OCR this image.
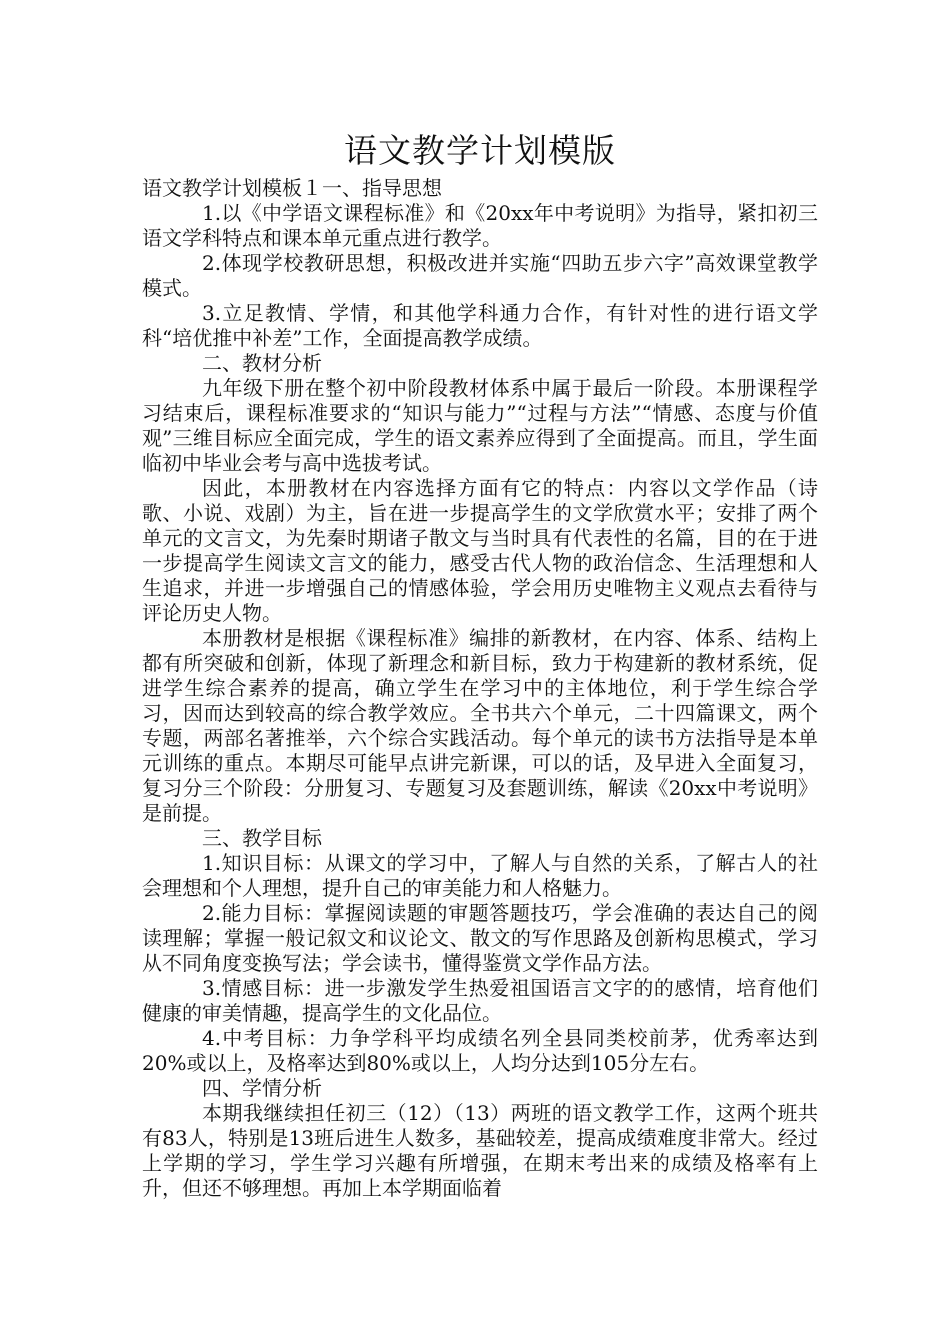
语文教学计划模版

语文教学计划模板１一、指导思想

1.以《中学语文课程标准》和《20xx年中考说明》为指导，紧扣初三语文学科特点和课本单元重点进行教学。

2.体现学校教研思想，积极改进并实施“四助五步六字”高效课堂教学模式。

3.立足教情、学情，和其他学科通力合作，有针对性的进行语文学科“培优推中补差”工作，全面提高教学成绩。

二、教材分析

九年级下册在整个初中阶段教材体系中属于最后一阶段。本册课程学习结束后，课程标准要求的“知识与能力”“过程与方法”“情感、态度与价值观”三维目标应全面完成，学生的语文素养应得到了全面提高。而且，学生面临初中毕业会考与高中选拔考试。

因此，本册教材在内容选择方面有它的特点：内容以文学作品（诗歌、小说、戏剧）为主，旨在进一步提高学生的文学欣赏水平；安排了两个单元的文言文，为先秦时期诸子散文与当时具有代表性的名篇，目的在于进一步提高学生阅读文言文的能力，感受古代人物的政治信念、生活理想和人生追求，并进一步增强自己的情感体验，学会用历史唯物主义观点去看待与评论历史人物。

本册教材是根据《课程标准》编排的新教材，在内容、体系、结构上都有所突破和创新，体现了新理念和新目标，致力于构建新的教材系统，促进学生综合素养的提高，确立学生在学习中的主体地位，利于学生综合学习，因而达到较高的综合教学效应。全书共六个单元，二十四篇课文，两个专题，两部名著推举，六个综合实践活动。每个单元的读书方法指导是本单元训练的重点。本期尽可能早点讲完新课，可以的话，及早进入全面复习，复习分三个阶段：分册复习、专题复习及套题训练，解读《20xx中考说明》是前提。

三、教学目标

1.知识目标：从课文的学习中，了解人与自然的关系，了解古人的社会理想和个人理想，提升自己的审美能力和人格魅力。

2.能力目标：掌握阅读题的审题答题技巧，学会准确的表达自己的阅读理解；掌握一般记叙文和议论文、散文的写作思路及创新构思模式，学习从不同角度变换写法；学会读书，懂得鉴赏文学作品方法。

3.情感目标：进一步激发学生热爱祖国语言文字的的感情，培育他们健康的审美情趣，提高学生的文化品位。

4.中考目标：力争学科平均成绩名列全县同类校前茅，优秀率达到20%或以上，及格率达到80%或以上，人均分达到105分左右。

四、学情分析

本期我继续担任初三（12）（13）两班的语文教学工作，这两个班共有83人，特别是13班后进生人数多，基础较差，提高成绩难度非常大。经过上学期的学习，学生学习兴趣有所增强，在期末考出来的成绩及格率有上升，但还不够理想。再加上本学期面临着
